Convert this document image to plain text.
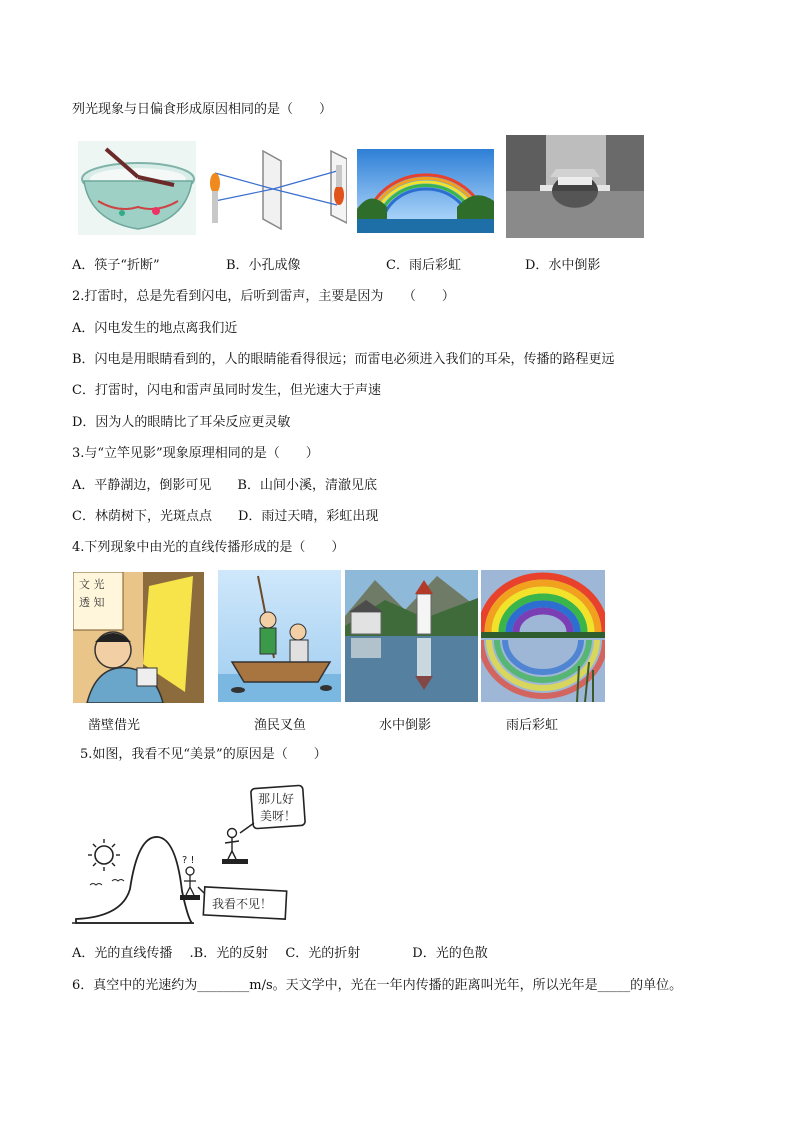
列光现象与日偏食形成原因相同的是（　　）
A．筷子“折断”	B．小孔成像	C．雨后彩虹	D．水中倒影
2.打雷时，总是先看到闪电，后听到雷声，主要是因为　　（　　）
A．闪电发生的地点离我们近
B．闪电是用眼睛看到的，人的眼睛能看得很远；而雷电必须进入我们的耳朵，传播的路程更远
C．打雷时，闪电和雷声虽同时发生，但光速大于声速
D．因为人的眼睛比了耳朵反应更灵敏
3.与“立竿见影”现象原理相同的是（　　）
A．平静湖边，倒影可见　　B．山间小溪，清澈见底
C．林荫树下，光斑点点　　D．雨过天晴，彩虹出现
4.下列现象中由光的直线传播形成的是（　　）
文 光
透 知
凿壁借光	渔民叉鱼	水中倒影	雨后彩虹
5.如图，我看不见“美景”的原因是（　　）
? !
我看不见！
那儿好
美呀！
A．光的直线传播　 .B．光的反射　 C．光的折射　　　　D．光的色散
6．真空中的光速约为________m/s。天文学中，光在一年内传播的距离叫光年，所以光年是_____的单位。
